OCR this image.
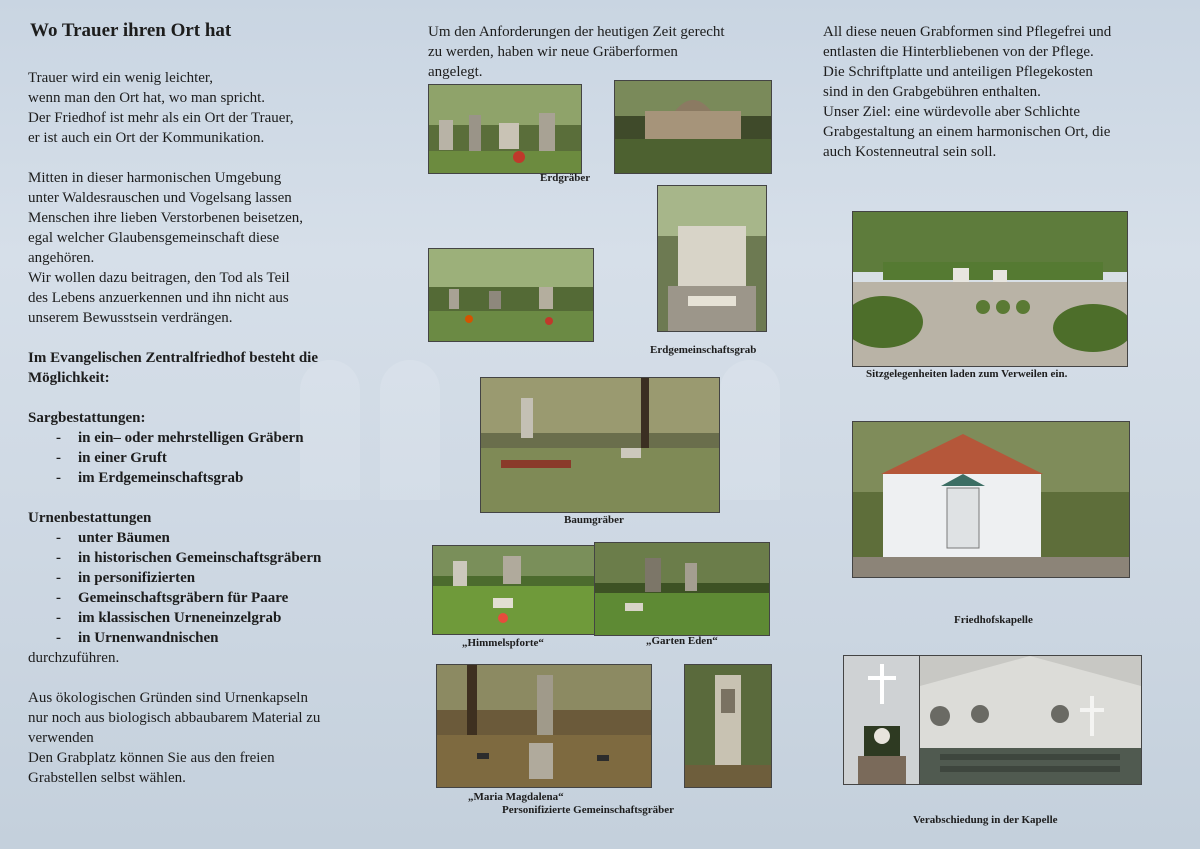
Wo Trauer ihren Ort hat

Trauer wird ein wenig leichter,

wenn man den Ort hat, wo man spricht.

Der Friedhof ist mehr als ein Ort der Trauer,

er ist auch ein Ort der Kommunikation.

Mitten in dieser harmonischen Umgebung

unter Waldesrauschen und Vogelsang lassen

Menschen ihre lieben Verstorbenen beisetzen,

egal welcher Glaubensgemeinschaft diese

angehören.

Wir wollen dazu beitragen, den Tod als Teil

des Lebens anzuerkennen und ihn nicht aus

unserem Bewusstsein verdrängen.

Im Evangelischen Zentralfriedhof besteht die

Möglichkeit:

Sargbestattungen:

- in ein– oder mehrstelligen Gräbern
- in einer Gruft
- im Erdgemeinschaftsgrab

Urnenbestattungen

- unter Bäumen
- in historischen Gemeinschaftsgräbern
- in personifizierten
- Gemeinschaftsgräbern für Paare
- im klassischen Urneneinzelgrab
- in Urnenwandnischen

durchzuführen.

Aus ökologischen Gründen sind Urnenkapseln

nur noch aus biologisch abbaubarem Material zu

verwenden

Den Grabplatz können Sie aus den freien

Grabstellen selbst wählen.

Um den Anforderungen der heutigen Zeit gerecht

zu werden, haben wir neue Gräberformen

angelegt.

Erdgräber
Erdgemeinschaftsgrab
Baumgräber
„Himmelspforte“	„Garten Eden“
„Maria Magdalena“
Personifizierte Gemeinschaftsgräber

All diese neuen Grabformen sind Pflegefrei und

entlasten die Hinterbliebenen von der Pflege.

Die Schriftplatte und anteiligen Pflegekosten

sind in den Grabgebühren enthalten.

Unser Ziel: eine würdevolle aber Schlichte

Grabgestaltung an einem harmonischen Ort, die

auch Kostenneutral sein soll.

Sitzgelegenheiten laden zum Verweilen ein.
Friedhofskapelle
Verabschiedung in der Kapelle
